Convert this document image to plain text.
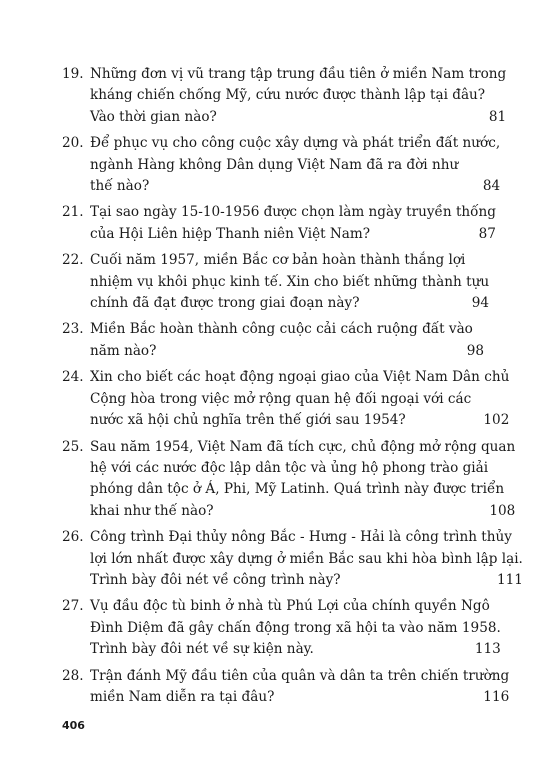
19. Những đơn vị vũ trang tập trung đầu tiên ở miền Nam trong
kháng chiến chống Mỹ, cứu nước được thành lập tại đâu?
Vào thời gian nào?	81
20. Để phục vụ cho công cuộc xây dựng và phát triển đất nước,
ngành Hàng không Dân dụng Việt Nam đã ra đời như
thế nào?	84
21. Tại sao ngày 15-10-1956 được chọn làm ngày truyền thống
của Hội Liên hiệp Thanh niên Việt Nam?	87
22. Cuối năm 1957, miền Bắc cơ bản hoàn thành thắng lợi
nhiệm vụ khôi phục kinh tế. Xin cho biết những thành tựu
chính đã đạt được trong giai đoạn này?	94
23. Miền Bắc hoàn thành công cuộc cải cách ruộng đất vào
năm nào?	98
24. Xin cho biết các hoạt động ngoại giao của Việt Nam Dân chủ
Cộng hòa trong việc mở rộng quan hệ đối ngoại với các
nước xã hội chủ nghĩa trên thế giới sau 1954?	102
25. Sau năm 1954, Việt Nam đã tích cực, chủ động mở rộng quan
hệ với các nước độc lập dân tộc và ủng hộ phong trào giải
phóng dân tộc ở Á, Phi, Mỹ Latinh. Quá trình này được triển
khai như thế nào?	108
26. Công trình Đại thủy nông Bắc - Hưng - Hải là công trình thủy
lợi lớn nhất được xây dựng ở miền Bắc sau khi hòa bình lập lại.
Trình bày đôi nét về công trình này?	111
27. Vụ đầu độc tù binh ở nhà tù Phú Lợi của chính quyền Ngô
Đình Diệm đã gây chấn động trong xã hội ta vào năm 1958.
Trình bày đôi nét về sự kiện này.	113
28. Trận đánh Mỹ đầu tiên của quân và dân ta trên chiến trường
miền Nam diễn ra tại đâu?	116
406
